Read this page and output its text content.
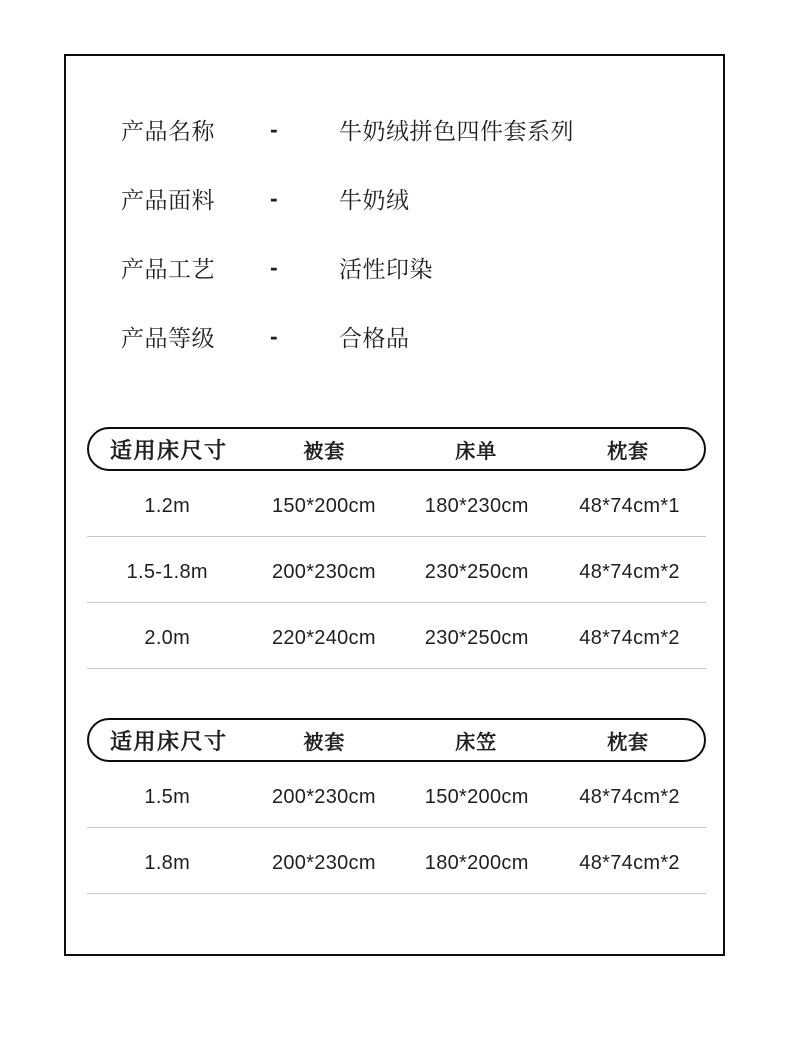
产品名称	-	牛奶绒拼色四件套系列
产品面料	-	牛奶绒
产品工艺	-	活性印染
产品等级	-	合格品
适用床尺寸	被套	床单	枕套
1.2m	150*200cm	180*230cm	48*74cm*1
1.5-1.8m	200*230cm	230*250cm	48*74cm*2
2.0m	220*240cm	230*250cm	48*74cm*2
适用床尺寸	被套	床笠	枕套
1.5m	200*230cm	150*200cm	48*74cm*2
1.8m	200*230cm	180*200cm	48*74cm*2
